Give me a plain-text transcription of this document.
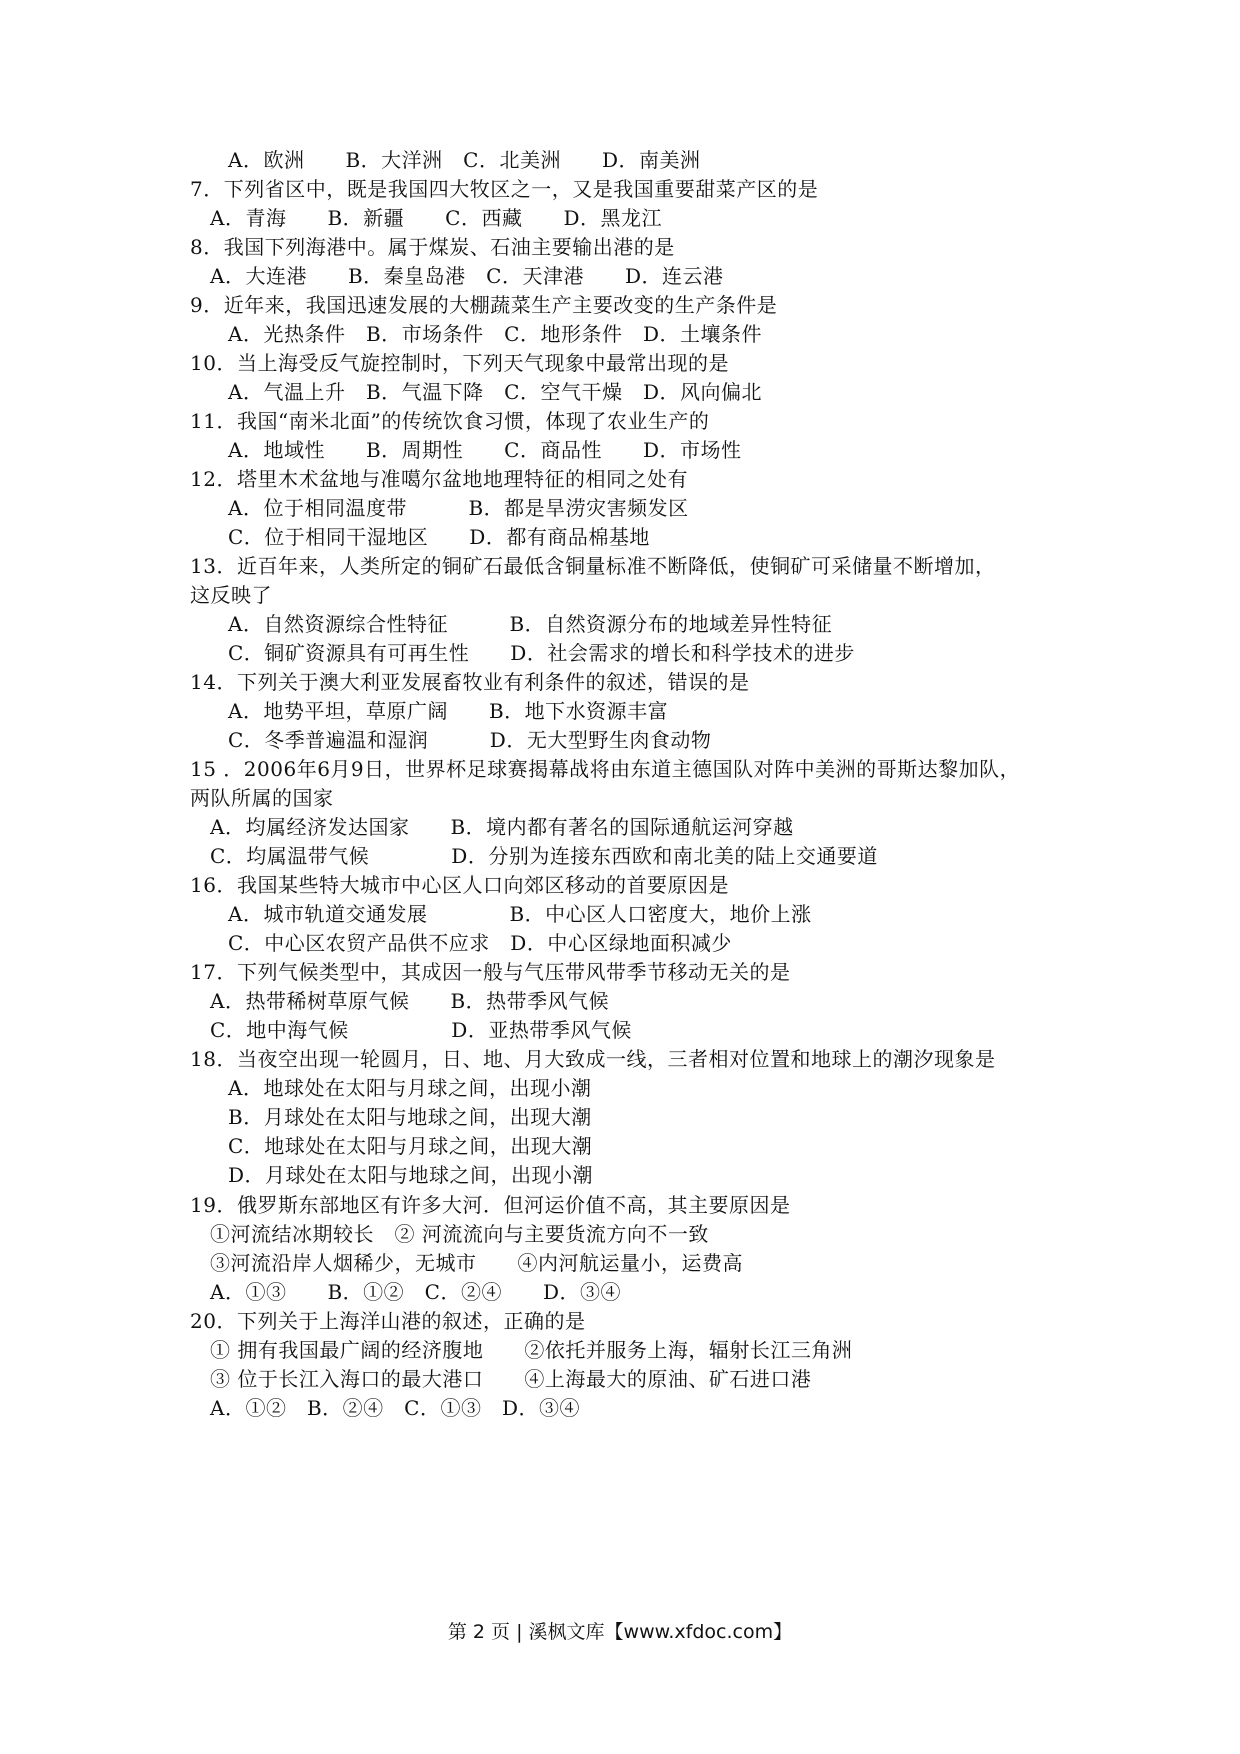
A．欧洲　　B．大洋洲　C．北美洲　　D．南美洲
7．下列省区中，既是我国四大牧区之一，又是我国重要甜菜产区的是
A．青海　　B．新疆　　C．西藏　　D．黑龙江
8．我国下列海港中。属于煤炭、石油主要输出港的是
A．大连港　　B．秦皇岛港　C．天津港　　D．连云港
9．近年来，我国迅速发展的大棚蔬菜生产主要改变的生产条件是
A．光热条件　B．市场条件　C．地形条件　D．土壤条件
10．当上海受反气旋控制时，下列天气现象中最常出现的是
A．气温上升　B．气温下降　C．空气干燥　D．风向偏北
11．我国“南米北面”的传统饮食习惯，体现了农业生产的
A．地域性　　B．周期性　　C．商品性　　D．市场性
12．塔里木术盆地与准噶尔盆地地理特征的相同之处有
A．位于相同温度带　　　B．都是旱涝灾害频发区
C．位于相同干湿地区　　D．都有商品棉基地
13．近百年来，人类所定的铜矿石最低含铜量标准不断降低，使铜矿可采储量不断增加，
这反映了
A．自然资源综合性特征　　　B．自然资源分布的地域差异性特征
C．铜矿资源具有可再生性　　D．社会需求的增长和科学技术的进步
14．下列关于澳大利亚发展畜牧业有利条件的叙述，错误的是
A．地势平坦，草原广阔　　B．地下水资源丰富
C．冬季普遍温和湿润　　　D．无大型野生肉食动物
15 ．2006年6月9日，世界杯足球赛揭幕战将由东道主德国队对阵中美洲的哥斯达黎加队，
两队所属的国家
A．均属经济发达国家　　B．境内都有著名的国际通航运河穿越
C．均属温带气候　　　　D．分别为连接东西欧和南北美的陆上交通要道
16．我国某些特大城市中心区人口向郊区移动的首要原因是
A．城市轨道交通发展　　　　B．中心区人口密度大，地价上涨
C．中心区农贸产品供不应求　D．中心区绿地面积减少
17．下列气候类型中，其成因一般与气压带风带季节移动无关的是
A．热带稀树草原气候　　B．热带季风气候
C．地中海气候　　　　　D．亚热带季风气候
18．当夜空出现一轮圆月，日、地、月大致成一线，三者相对位置和地球上的潮汐现象是
A．地球处在太阳与月球之间，出现小潮
B．月球处在太阳与地球之间，出现大潮
C．地球处在太阳与月球之间，出现大潮
D．月球处在太阳与地球之间，出现小潮
19．俄罗斯东部地区有许多大河．但河运价值不高，其主要原因是
①河流结冰期较长　② 河流流向与主要货流方向不一致
③河流沿岸人烟稀少，无城市　　④内河航运量小，运费高
A．①③　　B．①②　C．②④　　D．③④
20．下列关于上海洋山港的叙述，正确的是
① 拥有我国最广阔的经济腹地　　②依托并服务上海，辐射长江三角洲
③ 位于长江入海口的最大港口　　④上海最大的原油、矿石进口港
A．①②　B．②④　C．①③　D．③④
第 2 页 | 溪枫文库【www.xfdoc.com】
